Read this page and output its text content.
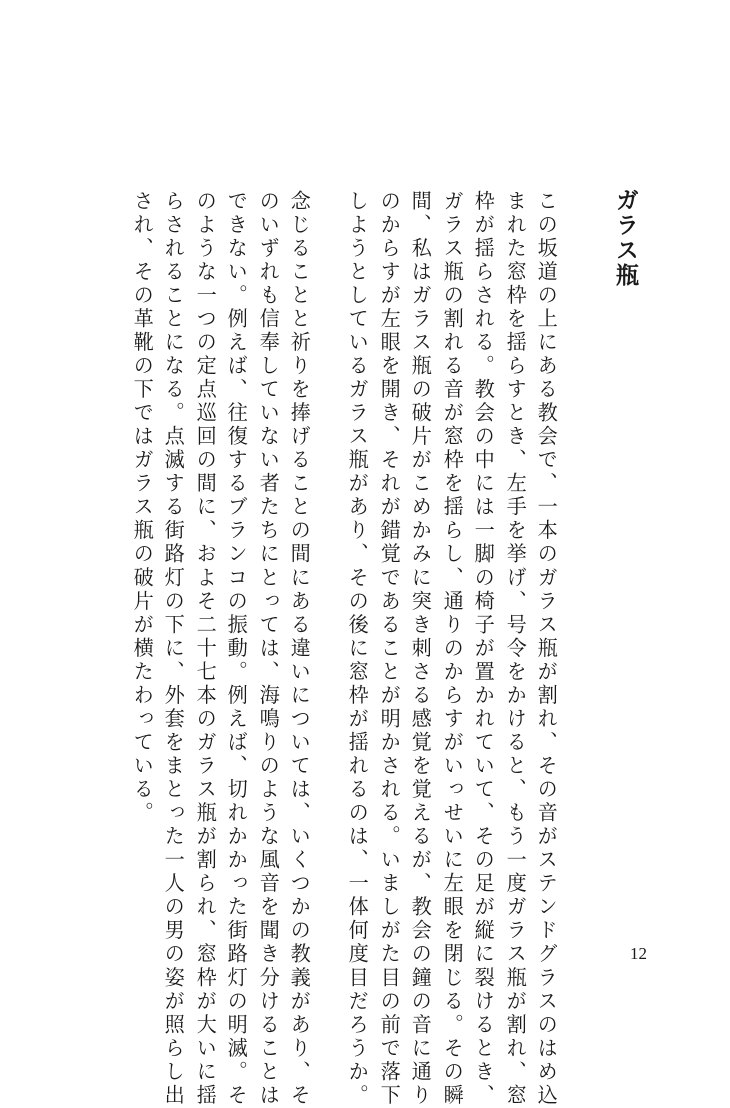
ガラス瓶
この坂道の上にある教会で、一本のガラス瓶が割れ、その音がステンドグラスのはめ込
まれた窓枠を揺らすとき、左手を挙げ、号令をかけると、もう一度ガラス瓶が割れ、窓
枠が揺らされる。教会の中には一脚の椅子が置かれていて、その足が縦に裂けるとき、
ガラス瓶の割れる音が窓枠を揺らし、通りのからすがいっせいに左眼を閉じる。その瞬
間、私はガラス瓶の破片がこめかみに突き刺さる感覚を覚えるが、教会の鐘の音に通り
のからすが左眼を開き、それが錯覚であることが明かされる。いましがた目の前で落下
しようとしているガラス瓶があり、その後に窓枠が揺れるのは、一体何度目だろうか。
念じることと祈りを捧げることの間にある違いについては、いくつかの教義があり、そ
のいずれも信奉していない者たちにとっては、海鳴りのような風音を聞き分けることは
できない。例えば、往復するブランコの振動。例えば、切れかかった街路灯の明滅。そ
のような一つの定点巡回の間に、およそ二十七本のガラス瓶が割られ、窓枠が大いに揺
らされることになる。点滅する街路灯の下に、外套をまとった一人の男の姿が照らし出
され、その革靴の下ではガラス瓶の破片が横たわっている。
12
